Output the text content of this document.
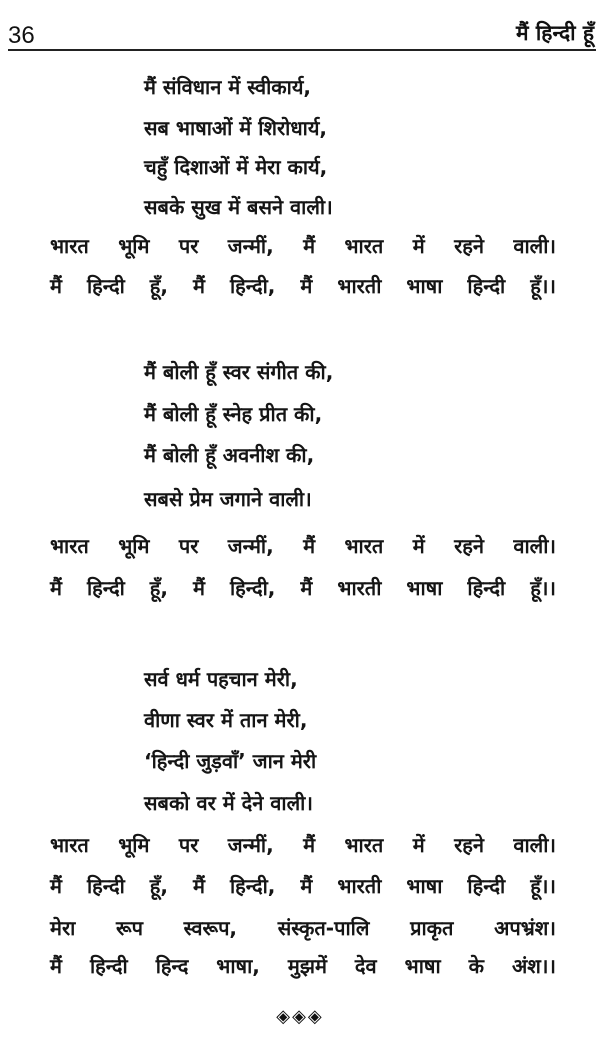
36	मैं हिन्दी हूँ
मैं संविधान में स्वीकार्य,
सब भाषाओं में शिरोधार्य,
चहुँ दिशाओं में मेरा कार्य,
सबके सुख में बसने वाली।
भारत भूमि पर जन्मीं, मैं भारत में रहने वाली।
मैं हिन्दी हूँ, मैं हिन्दी, मैं भारती भाषा हिन्दी हूँ।।
मैं बोली हूँ स्वर संगीत की,
मैं बोली हूँ स्नेह प्रीत की,
मैं बोली हूँ अवनीश की,
सबसे प्रेम जगाने वाली।
भारत भूमि पर जन्मीं, मैं भारत में रहने वाली।
मैं हिन्दी हूँ, मैं हिन्दी, मैं भारती भाषा हिन्दी हूँ।।
सर्व धर्म पहचान मेरी,
वीणा स्वर में तान मेरी,
‘हिन्दी जुड़वाँ’ जान मेरी
सबको वर में देने वाली।
भारत भूमि पर जन्मीं, मैं भारत में रहने वाली।
मैं हिन्दी हूँ, मैं हिन्दी, मैं भारती भाषा हिन्दी हूँ।।
मेरा रूप स्वरूप, संस्कृत-पालि प्राकृत अपभ्रंश।
मैं हिन्दी हिन्द भाषा, मुझमें देव भाषा के अंश।।
◈◈◈
